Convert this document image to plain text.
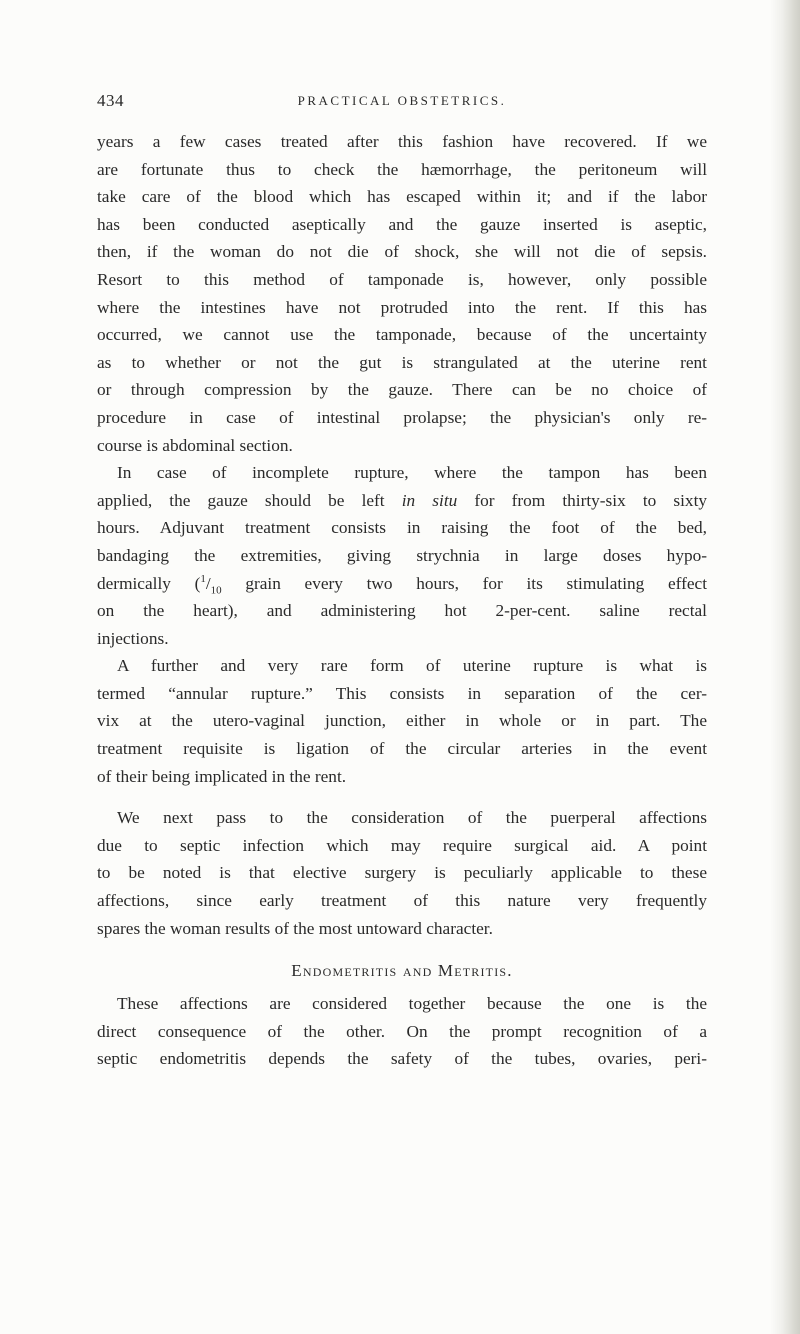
434	PRACTICAL OBSTETRICS.
years a few cases treated after this fashion have recovered. If we
are fortunate thus to check the hæmorrhage, the peritoneum will
take care of the blood which has escaped within it; and if the labor
has been conducted aseptically and the gauze inserted is aseptic,
then, if the woman do not die of shock, she will not die of sepsis.
Resort to this method of tamponade is, however, only possible
where the intestines have not protruded into the rent. If this has
occurred, we cannot use the tamponade, because of the uncertainty
as to whether or not the gut is strangulated at the uterine rent
or through compression by the gauze. There can be no choice of
procedure in case of intestinal prolapse; the physician's only re-
course is abdominal section.
In case of incomplete rupture, where the tampon has been
applied, the gauze should be left in situ for from thirty-six to sixty
hours. Adjuvant treatment consists in raising the foot of the bed,
bandaging the extremities, giving strychnia in large doses hypo-
dermically ($^1/_{10}$ grain every two hours, for its stimulating effect
on the heart), and administering hot 2-per-cent. saline rectal
injections.
A further and very rare form of uterine rupture is what is
termed “annular rupture.” This consists in separation of the cer-
vix at the utero-vaginal junction, either in whole or in part. The
treatment requisite is ligation of the circular arteries in the event
of their being implicated in the rent.
We next pass to the consideration of the puerperal affections
due to septic infection which may require surgical aid. A point
to be noted is that elective surgery is peculiarly applicable to these
affections, since early treatment of this nature very frequently
spares the woman results of the most untoward character.
Endometritis and Metritis.
These affections are considered together because the one is the
direct consequence of the other. On the prompt recognition of a
septic endometritis depends the safety of the tubes, ovaries, peri-
